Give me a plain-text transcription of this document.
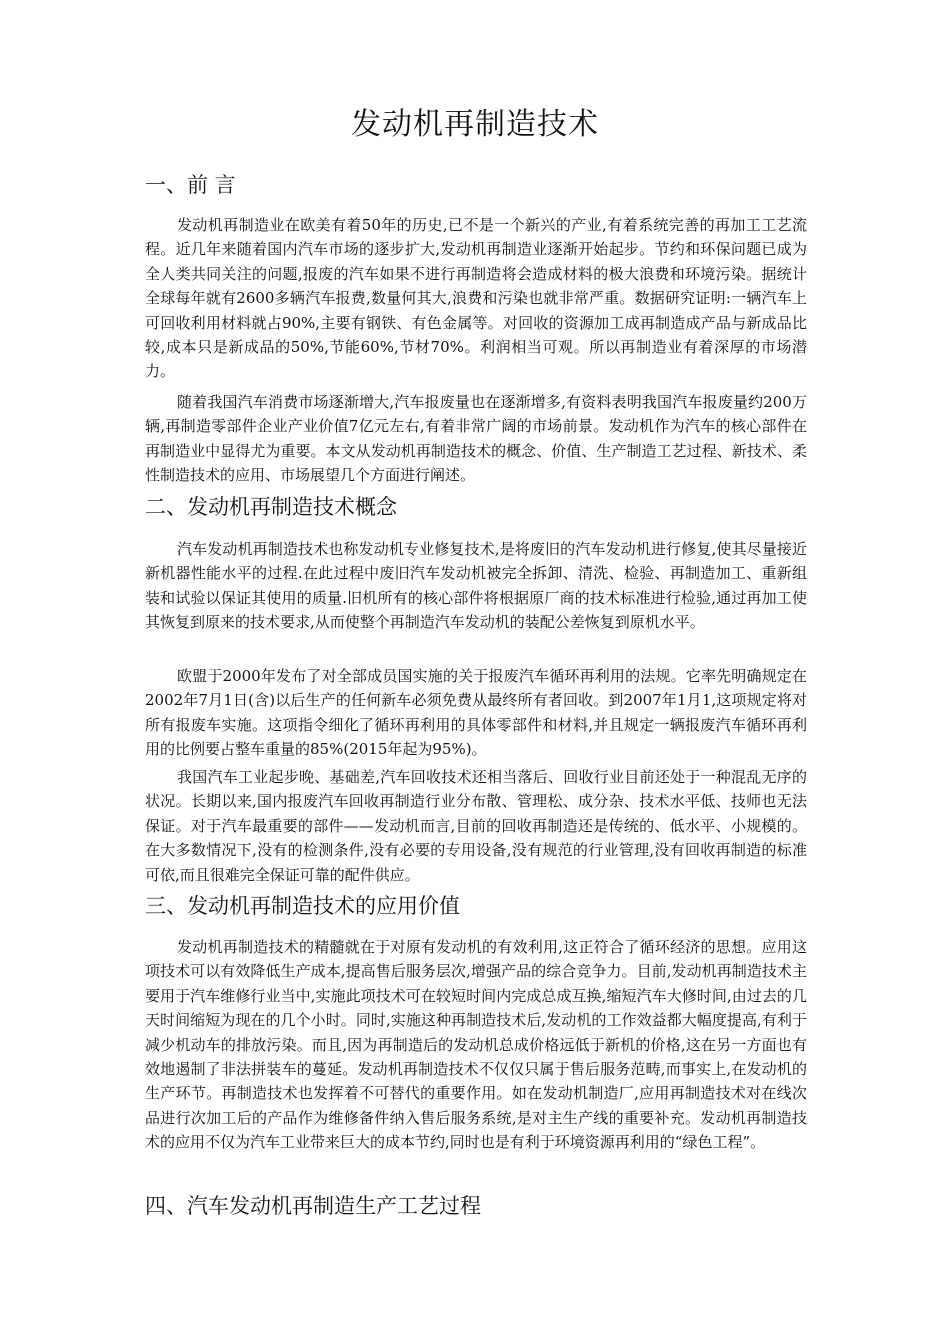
发动机再制造技术
一、前 言

发动机再制造业在欧美有着50年的历史,已不是一个新兴的产业,有着系统完善的再加工工艺流程。近几年来随着国内汽车市场的逐步扩大,发动机再制造业逐渐开始起步。节约和环保问题已成为全人类共同关注的问题,报废的汽车如果不进行再制造将会造成材料的极大浪费和环境污染。据统计全球每年就有2600多辆汽车报费,数量何其大,浪费和污染也就非常严重。数据研究证明:一辆汽车上可回收利用材料就占90%,主要有钢铁、有色金属等。对回收的资源加工成再制造成产品与新成品比较,成本只是新成品的50%,节能60%,节材70%。利润相当可观。所以再制造业有着深厚的市场潜力。

随着我国汽车消费市场逐渐增大,汽车报废量也在逐渐增多,有资料表明我国汽车报废量约200万辆,再制造零部件企业产业价值7亿元左右,有着非常广阔的市场前景。发动机作为汽车的核心部件在再制造业中显得尤为重要。本文从发动机再制造技术的概念、价值、生产制造工艺过程、新技术、柔性制造技术的应用、市场展望几个方面进行阐述。

二、发动机再制造技术概念

汽车发动机再制造技术也称发动机专业修复技术,是将废旧的汽车发动机进行修复,使其尽量接近新机器性能水平的过程.在此过程中废旧汽车发动机被完全拆卸、清洗、检验、再制造加工、重新组装和试验以保证其使用的质量.旧机所有的核心部件将根据原厂商的技术标准进行检验,通过再加工使其恢复到原来的技术要求,从而使整个再制造汽车发动机的装配公差恢复到原机水平。

欧盟于2000年发布了对全部成员国实施的关于报废汽车循环再利用的法规。它率先明确规定在2002年7月1日(含)以后生产的任何新车必须免费从最终所有者回收。到2007年1月1,这项规定将对所有报废车实施。这项指令细化了循环再利用的具体零部件和材料,并且规定一辆报废汽车循环再利用的比例要占整车重量的85%(2015年起为95%)。

我国汽车工业起步晚、基础差,汽车回收技术还相当落后、回收行业目前还处于一种混乱无序的状况。长期以来,国内报废汽车回收再制造行业分布散、管理松、成分杂、技术水平低、技师也无法保证。对于汽车最重要的部件——发动机而言,目前的回收再制造还是传统的、低水平、小规模的。在大多数情况下,没有的检测条件,没有必要的专用设备,没有规范的行业管理,没有回收再制造的标准可依,而且很难完全保证可靠的配件供应。

三、发动机再制造技术的应用价值

发动机再制造技术的精髓就在于对原有发动机的有效利用,这正符合了循环经济的思想。应用这项技术可以有效降低生产成本,提高售后服务层次,增强产品的综合竞争力。目前,发动机再制造技术主要用于汽车维修行业当中,实施此项技术可在较短时间内完成总成互换,缩短汽车大修时间,由过去的几天时间缩短为现在的几个小时。同时,实施这种再制造技术后,发动机的工作效益都大幅度提高,有利于减少机动车的排放污染。而且,因为再制造后的发动机总成价格远低于新机的价格,这在另一方面也有效地遏制了非法拼装车的蔓延。发动机再制造技术不仅仅只属于售后服务范畴,而事实上,在发动机的生产环节。再制造技术也发挥着不可替代的重要作用。如在发动机制造厂,应用再制造技术对在线次品进行次加工后的产品作为维修备件纳入售后服务系统,是对主生产线的重要补充。发动机再制造技术的应用不仅为汽车工业带来巨大的成本节约,同时也是有利于环境资源再利用的“绿色工程”。

四、汽车发动机再制造生产工艺过程
